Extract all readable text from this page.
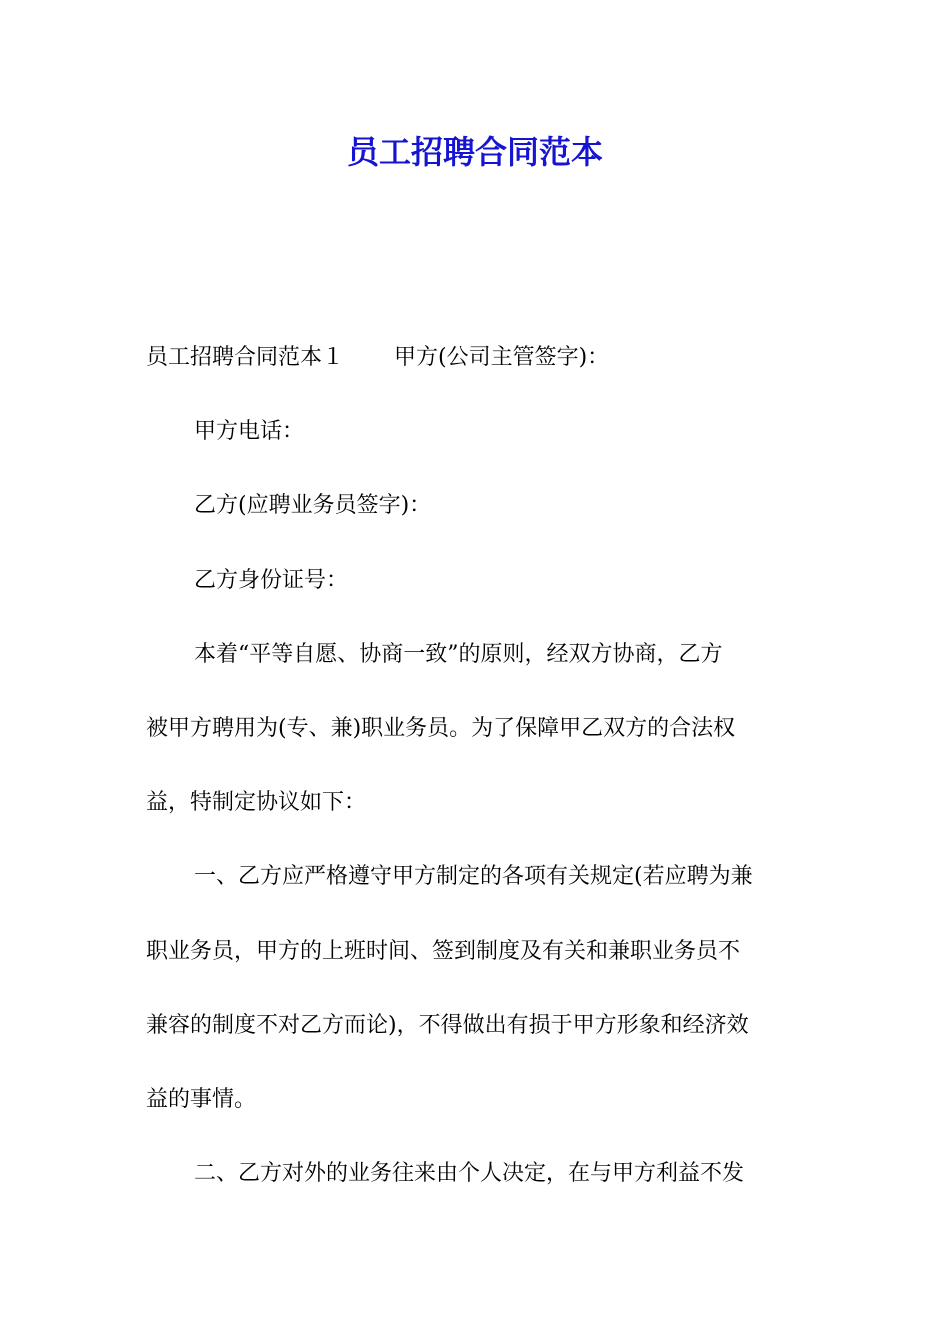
员工招聘合同范本
员工招聘合同范本１ 甲方(公司主管签字)：
甲方电话：
乙方(应聘业务员签字)：
乙方身份证号：
本着“平等自愿、协商一致”的原则，经双方协商，乙方
被甲方聘用为(专、兼)职业务员。为了保障甲乙双方的合法权
益，特制定协议如下：
一、乙方应严格遵守甲方制定的各项有关规定(若应聘为兼
职业务员，甲方的上班时间、签到制度及有关和兼职业务员不
兼容的制度不对乙方而论)，不得做出有损于甲方形象和经济效
益的事情。
二、乙方对外的业务往来由个人决定，在与甲方利益不发
